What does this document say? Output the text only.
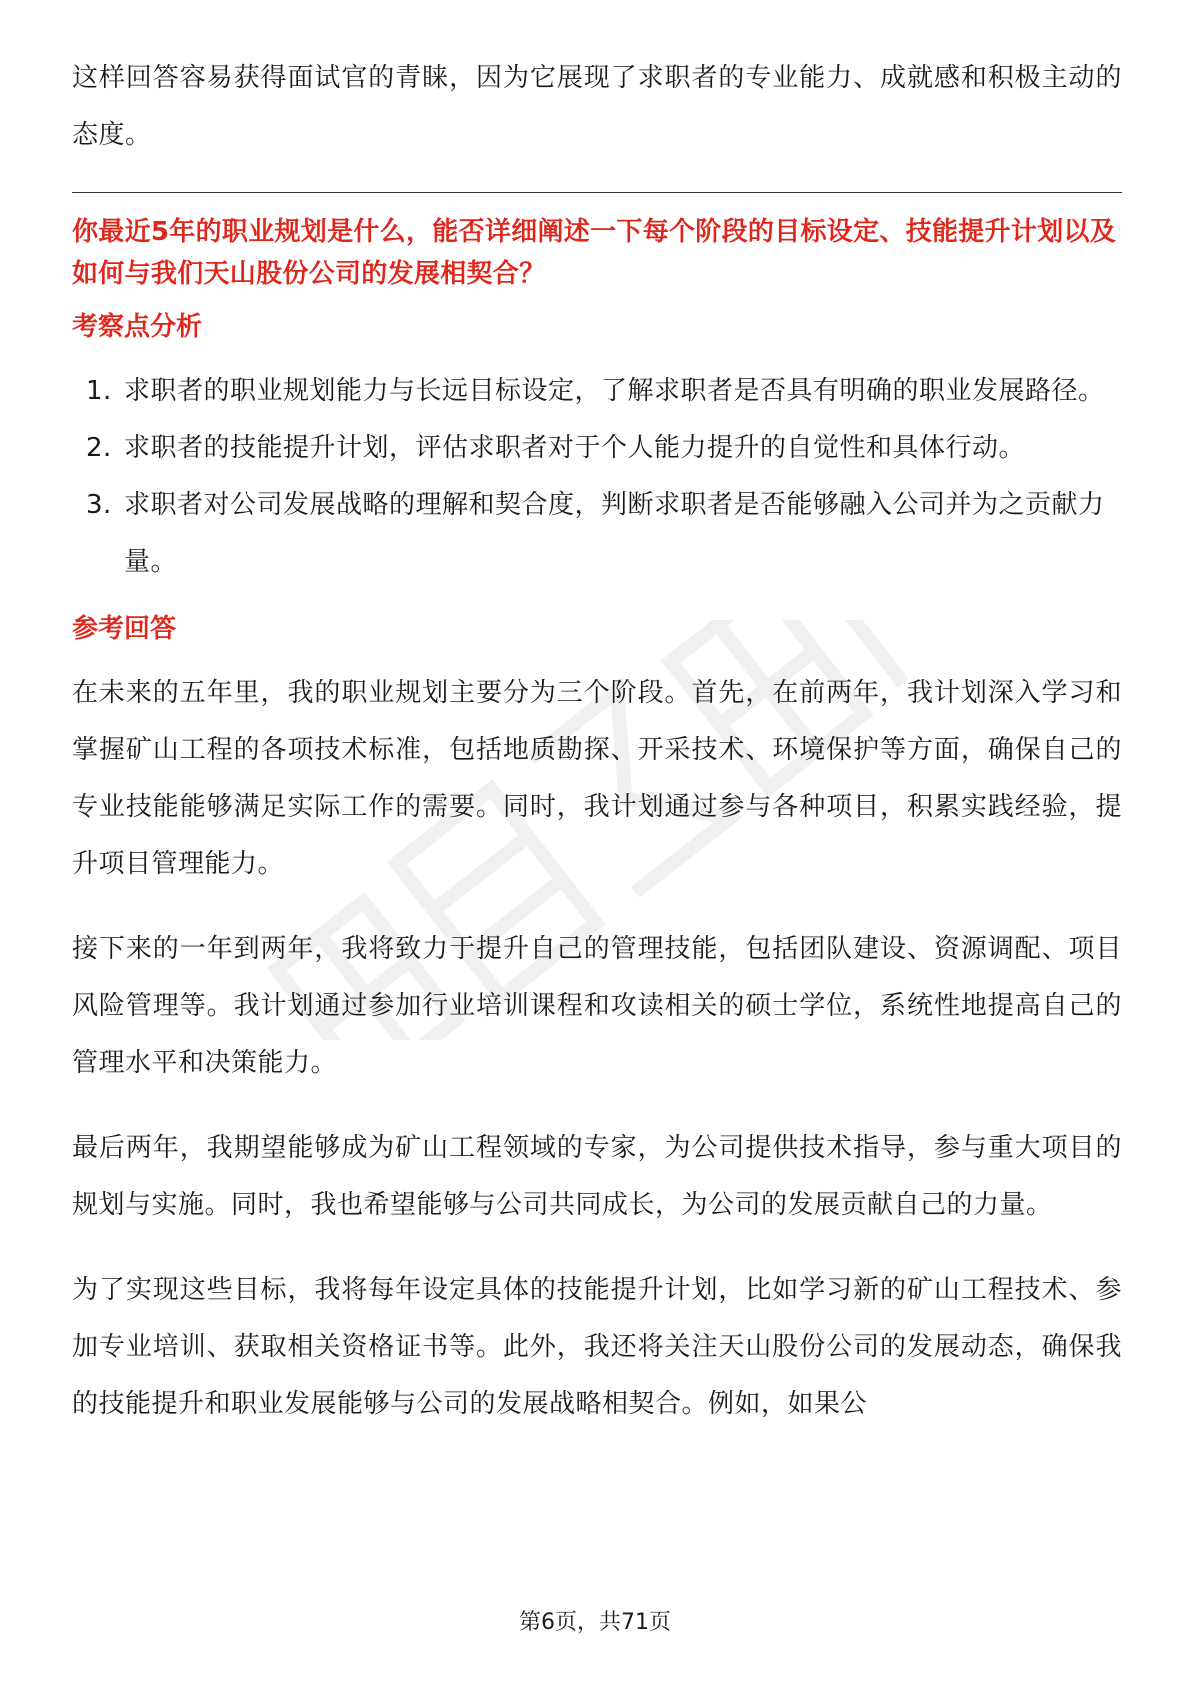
这样回答容易获得面试官的青睐，因为它展现了求职者的专业能力、成就感和积极主动的态度。

你最近5年的职业规划是什么，能否详细阐述一下每个阶段的目标设定、技能提升计划以及如何与我们天山股份公司的发展相契合？

考察点分析
1. 求职者的职业规划能力与长远目标设定，了解求职者是否具有明确的职业发展路径。
2. 求职者的技能提升计划，评估求职者对于个人能力提升的自觉性和具体行动。
3. 求职者对公司发展战略的理解和契合度，判断求职者是否能够融入公司并为之贡献力量。
参考回答

在未来的五年里，我的职业规划主要分为三个阶段。首先，在前两年，我计划深入学习和掌握矿山工程的各项技术标准，包括地质勘探、开采技术、环境保护等方面，确保自己的专业技能能够满足实际工作的需要。同时，我计划通过参与各种项目，积累实践经验，提升项目管理能力。

接下来的一年到两年，我将致力于提升自己的管理技能，包括团队建设、资源调配、项目风险管理等。我计划通过参加行业培训课程和攻读相关的硕士学位，系统性地提高自己的管理水平和决策能力。

最后两年，我期望能够成为矿山工程领域的专家，为公司提供技术指导，参与重大项目的规划与实施。同时，我也希望能够与公司共同成长，为公司的发展贡献自己的力量。

为了实现这些目标，我将每年设定具体的技能提升计划，比如学习新的矿山工程技术、参加专业培训、获取相关资格证书等。此外，我还将关注天山股份公司的发展动态，确保我的技能提升和职业发展能够与公司的发展战略相契合。例如，如果公

第6页，共71页
